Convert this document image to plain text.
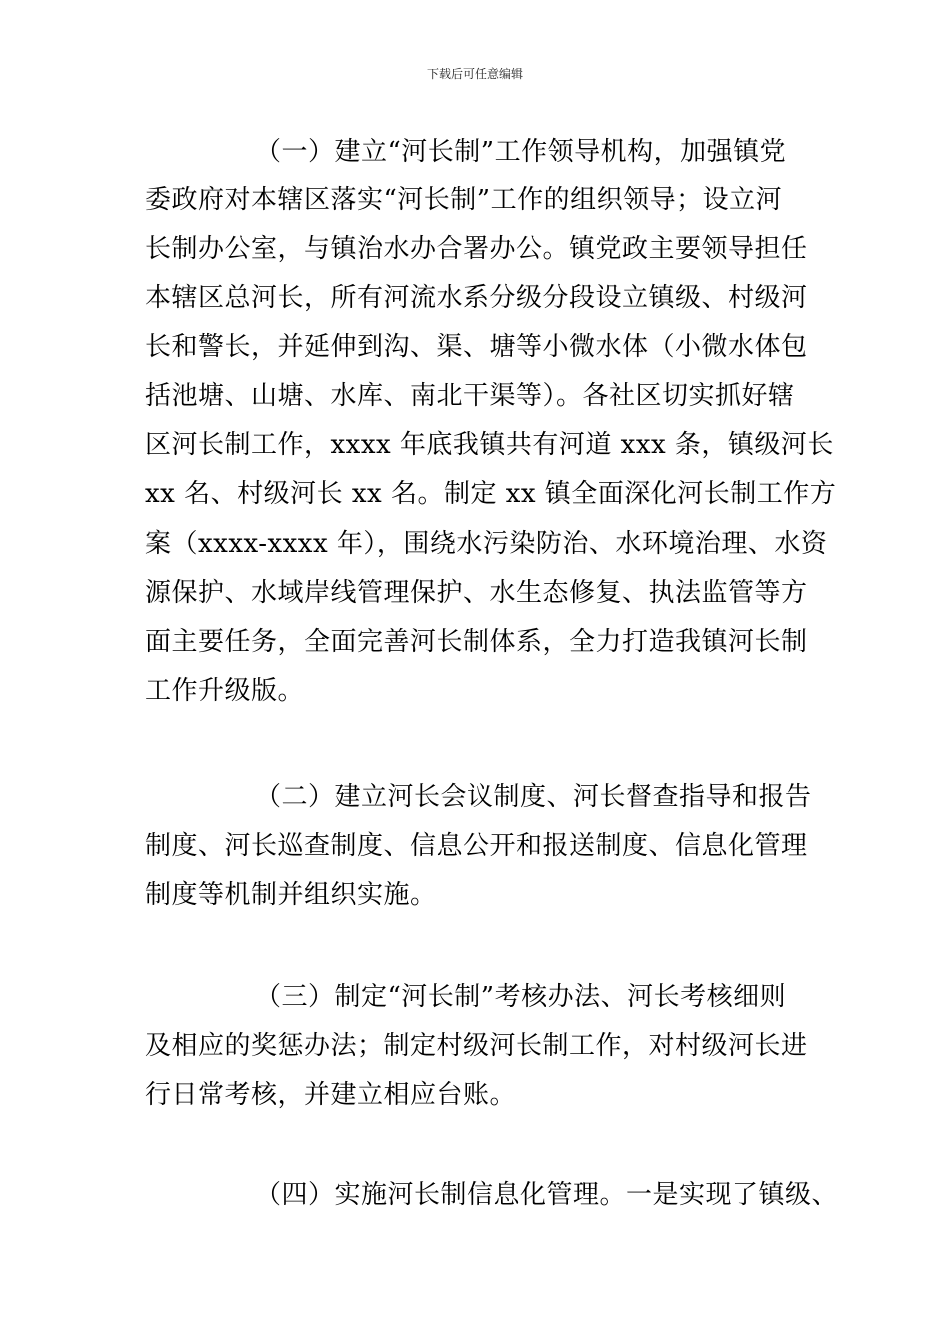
下载后可任意编辑
（一）建立“河长制”工作领导机构，加强镇党
委政府对本辖区落实“河长制”工作的组织领导；设立河
长制办公室，与镇治水办合署办公。镇党政主要领导担任
本辖区总河长，所有河流水系分级分段设立镇级、村级河
长和警长，并延伸到沟、渠、塘等小微水体（小微水体包
括池塘、山塘、水库、南北干渠等）。各社区切实抓好辖
区河长制工作，xxxx 年底我镇共有河道 xxx 条，镇级河长
xx 名、村级河长 xx 名。制定 xx 镇全面深化河长制工作方
案（xxxx-xxxx 年），围绕水污染防治、水环境治理、水资
源保护、水域岸线管理保护、水生态修复、执法监管等方
面主要任务，全面完善河长制体系，全力打造我镇河长制
工作升级版。
（二）建立河长会议制度、河长督查指导和报告
制度、河长巡查制度、信息公开和报送制度、信息化管理
制度等机制并组织实施。
（三）制定“河长制”考核办法、河长考核细则
及相应的奖惩办法；制定村级河长制工作，对村级河长进
行日常考核，并建立相应台账。
（四）实施河长制信息化管理。一是实现了镇级、
